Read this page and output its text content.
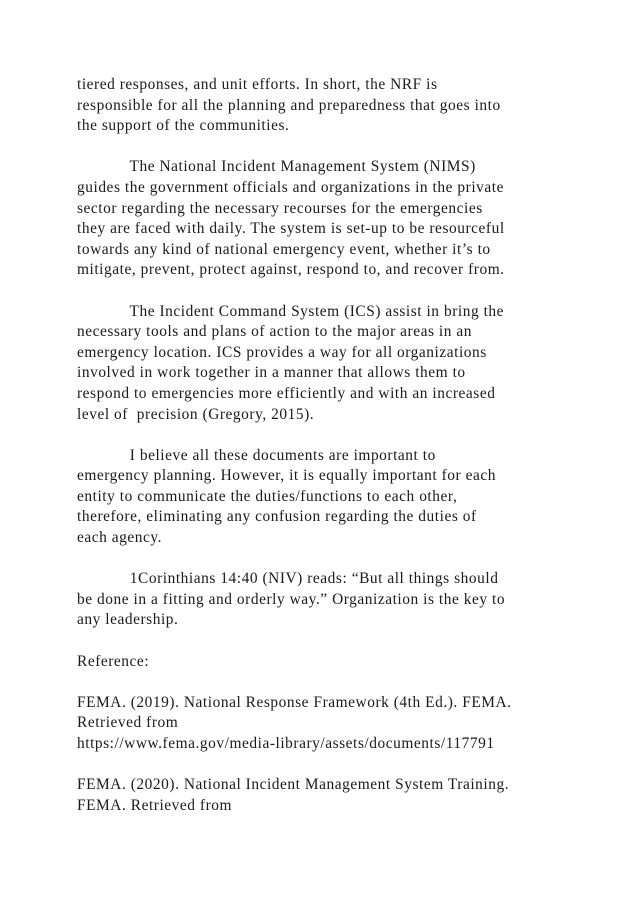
tiered responses, and unit efforts. In short, the NRF is
responsible for all the planning and preparedness that goes into
the support of the communities.
The National Incident Management System (NIMS)
guides the government officials and organizations in the private
sector regarding the necessary recourses for the emergencies
they are faced with daily. The system is set-up to be resourceful
towards any kind of national emergency event, whether it’s to
mitigate, prevent, protect against, respond to, and recover from.
The Incident Command System (ICS) assist in bring the
necessary tools and plans of action to the major areas in an
emergency location. ICS provides a way for all organizations
involved in work together in a manner that allows them to
respond to emergencies more efficiently and with an increased
level of  precision (Gregory, 2015).
I believe all these documents are important to
emergency planning. However, it is equally important for each
entity to communicate the duties/functions to each other,
therefore, eliminating any confusion regarding the duties of
each agency.
1Corinthians 14:40 (NIV) reads: “But all things should
be done in a fitting and orderly way.” Organization is the key to
any leadership.
Reference:
FEMA. (2019). National Response Framework (4th Ed.). FEMA.
Retrieved from
https://www.fema.gov/media-library/assets/documents/117791
FEMA. (2020). National Incident Management System Training.
FEMA. Retrieved from
